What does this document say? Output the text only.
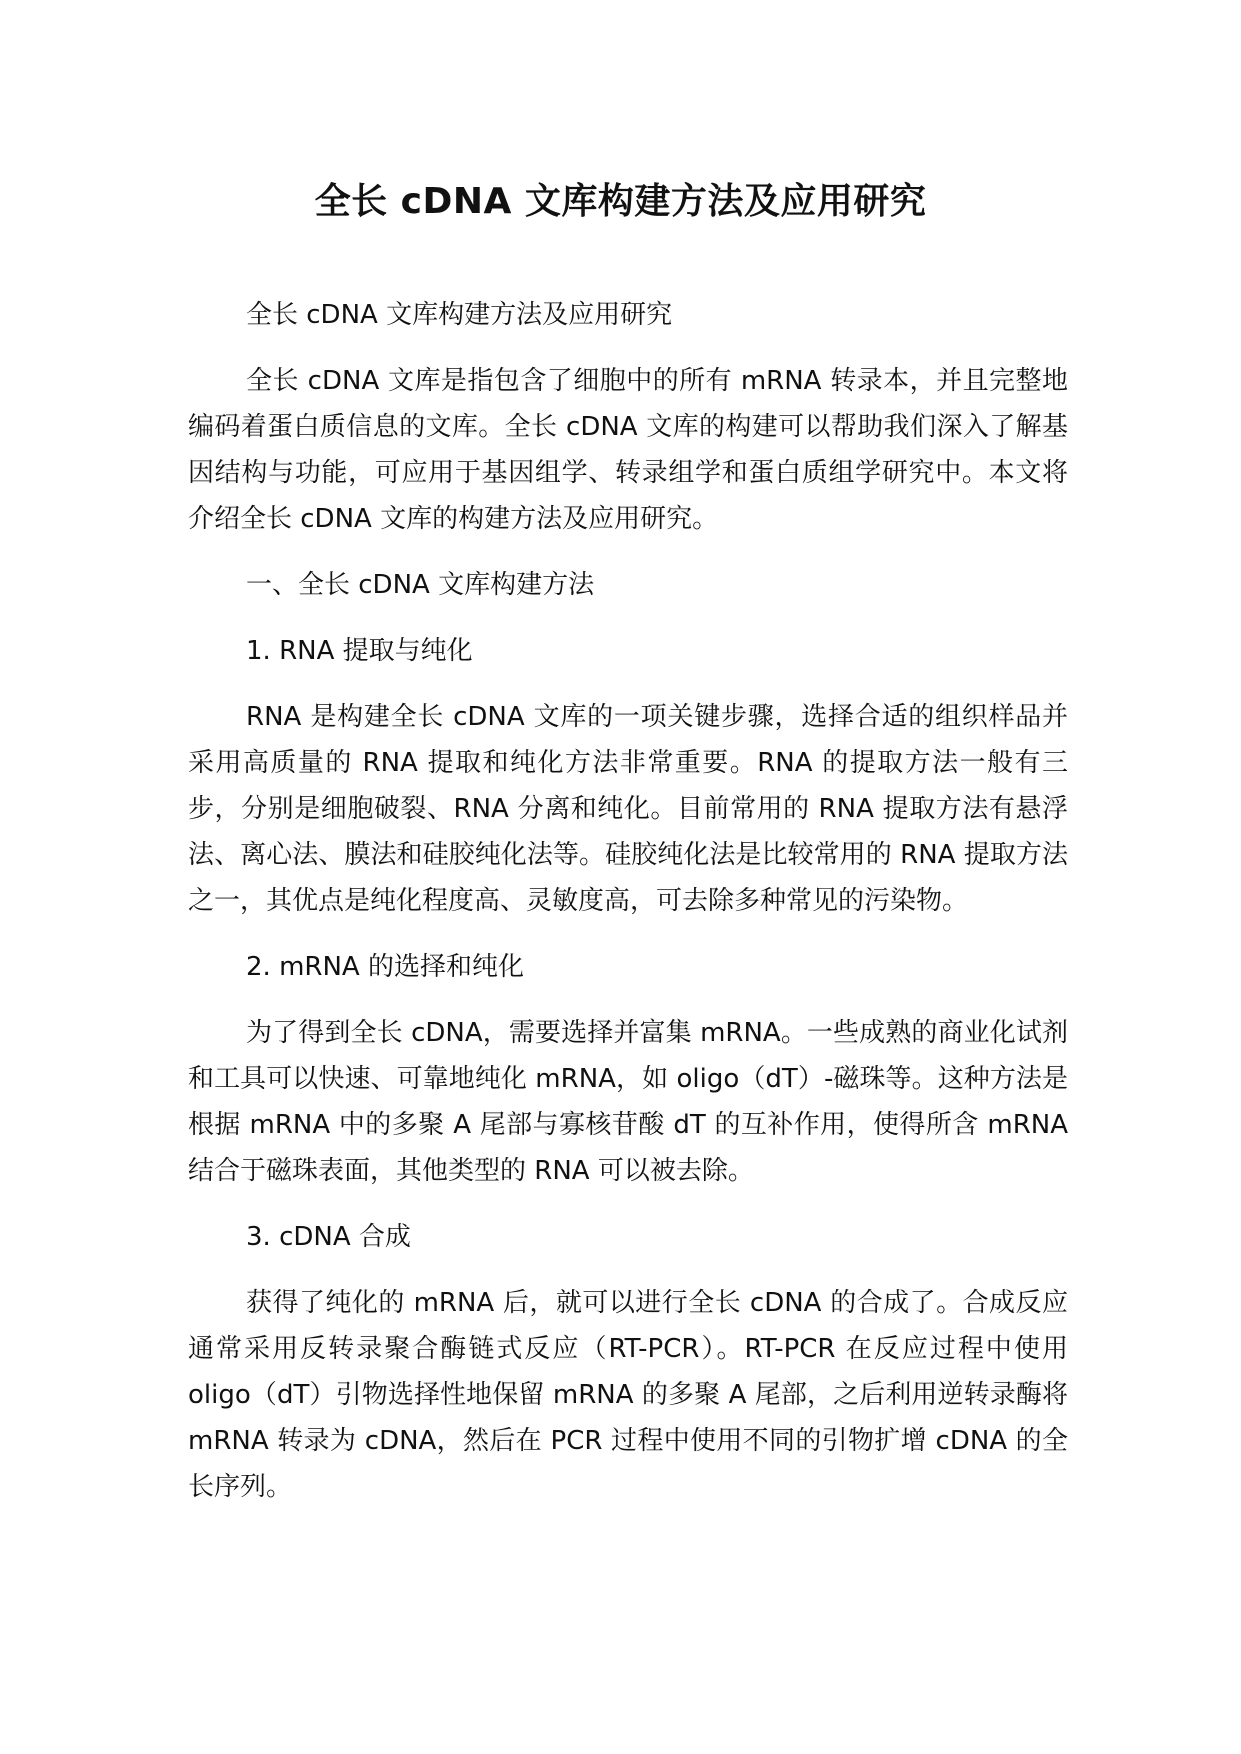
全长 cDNA 文库构建方法及应用研究

全长 cDNA 文库构建方法及应用研究

全长 cDNA 文库是指包含了细胞中的所有 mRNA 转录本，并且完整地编码着蛋白质信息的文库。全长 cDNA 文库的构建可以帮助我们深入了解基因结构与功能，可应用于基因组学、转录组学和蛋白质组学研究中。本文将介绍全长 cDNA 文库的构建方法及应用研究。

一、全长 cDNA 文库构建方法

1. RNA 提取与纯化

RNA 是构建全长 cDNA 文库的一项关键步骤，选择合适的组织样品并采用高质量的 RNA 提取和纯化方法非常重要。RNA 的提取方法一般有三步，分别是细胞破裂、RNA 分离和纯化。目前常用的 RNA 提取方法有悬浮法、离心法、膜法和硅胶纯化法等。硅胶纯化法是比较常用的 RNA 提取方法之一，其优点是纯化程度高、灵敏度高，可去除多种常见的污染物。

2. mRNA 的选择和纯化

为了得到全长 cDNA，需要选择并富集 mRNA。一些成熟的商业化试剂和工具可以快速、可靠地纯化 mRNA，如 oligo（dT）-磁珠等。这种方法是根据 mRNA 中的多聚 A 尾部与寡核苷酸 dT 的互补作用，使得所含 mRNA 结合于磁珠表面，其他类型的 RNA 可以被去除。

3. cDNA 合成

获得了纯化的 mRNA 后，就可以进行全长 cDNA 的合成了。合成反应通常采用反转录聚合酶链式反应（RT-PCR）。RT-PCR 在反应过程中使用 oligo（dT）引物选择性地保留 mRNA 的多聚 A 尾部，之后利用逆转录酶将 mRNA 转录为 cDNA，然后在 PCR 过程中使用不同的引物扩增 cDNA 的全长序列。
